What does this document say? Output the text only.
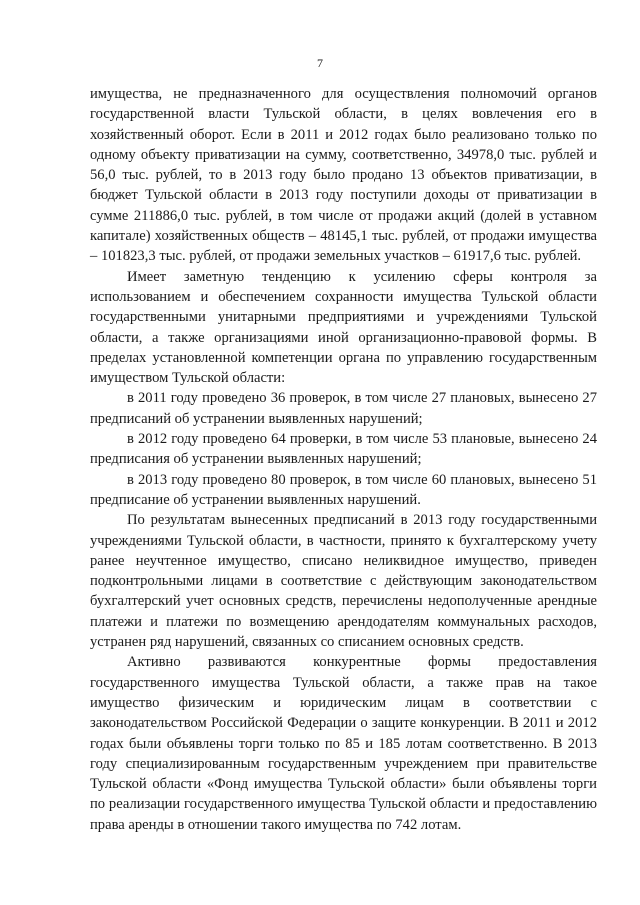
7

имущества, не предназначенного для осуществления полномочий органов государственной власти Тульской области, в целях вовлечения его в хозяйственный оборот. Если в 2011 и 2012 годах было реализовано только по одному объекту приватизации на сумму, соответственно, 34978,0 тыс. рублей и 56,0 тыс. рублей, то в 2013 году было продано 13 объектов приватизации, в бюджет Тульской области в 2013 году поступили доходы от приватизации в сумме 211886,0 тыс. рублей, в том числе от продажи акций (долей в уставном капитале) хозяйственных обществ – 48145,1 тыс. рублей, от продажи имущества – 101823,3 тыс. рублей, от продажи земельных участков – 61917,6 тыс. рублей.

Имеет заметную тенденцию к усилению сферы контроля за использованием и обеспечением сохранности имущества Тульской области государственными унитарными предприятиями и учреждениями Тульской области, а также организациями иной организационно-правовой формы. В пределах установленной компетенции органа по управлению государственным имуществом Тульской области:

в 2011 году проведено 36 проверок, в том числе 27 плановых, вынесено 27 предписаний об устранении выявленных нарушений;

в 2012 году проведено 64 проверки, в том числе 53 плановые, вынесено 24 предписания об устранении выявленных нарушений;

в 2013 году проведено 80 проверок, в том числе 60 плановых, вынесено 51 предписание об устранении выявленных нарушений.

По результатам вынесенных предписаний в 2013 году государственными учреждениями Тульской области, в частности, принято к бухгалтерскому учету ранее неучтенное имущество, списано неликвидное имущество, приведен подконтрольными лицами в соответствие с действующим законодательством бухгалтерский учет основных средств, перечислены недополученные арендные платежи и платежи по возмещению арендодателям коммунальных расходов, устранен ряд нарушений, связанных со списанием основных средств.

Активно развиваются конкурентные формы предоставления государственного имущества Тульской области, а также прав на такое имущество физическим и юридическим лицам в соответствии с законодательством Российской Федерации о защите конкуренции. В 2011 и 2012 годах были объявлены торги только по 85 и 185 лотам соответственно. В 2013 году специализированным государственным учреждением при правительстве Тульской области «Фонд имущества Тульской области» были объявлены торги по реализации государственного имущества Тульской области и предоставлению права аренды в отношении такого имущества по 742 лотам.
